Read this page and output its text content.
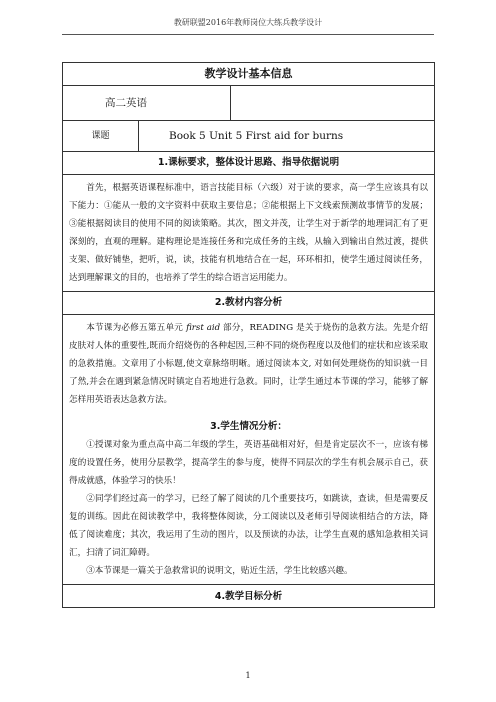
教研联盟2016年教师岗位大练兵教学设计
教学设计基本信息		
高二英语		
课题	Book 5 Unit 5 First aid for burns	
1.课标要求，整体设计思路、指导依据说明		

首先，根据英语课程标准中，语言技能目标（六级）对于读的要求，高一学生应该具有以下能力：①能从一般的文字资料中获取主要信息；②能根据上下文线索预测故事情节的发展；③能根据阅读目的使用不同的阅读策略。其次，图文并茂，让学生对于新学的地理词汇有了更深刻的，直观的理解。建构理论是连接任务和完成任务的主线，从输入到输出自然过渡，提供支架、做好铺垫，把听，说，读，技能有机地结合在一起，环环相扣，使学生通过阅读任务，达到理解课文的目的，也培养了学生的综合语言运用能力。		

2.教材内容分析		

本节课为必修五第五单元 first aid 部分，READING 是关于烧伤的急救方法。先是介绍皮肤对人体的重要性,既而介绍烧伤的各种起因,三种不同的烧伤程度以及他们的症状和应该采取的急救措施。文章用了小标题,使文章脉络明晰。通过阅读本文, 对如何处理烧伤的知识就一目了然,并会在遇到紧急情况时镇定自若地进行急救。同时，让学生通过本节课的学习，能够了解怎样用英语表达急救方法。

3.学生情况分析：

①授课对象为重点高中高二年级的学生，英语基础相对好，但是肯定层次不一，应该有梯度的设置任务，使用分层教学，提高学生的参与度，使得不同层次的学生有机会展示自己，获得成就感，体验学习的快乐！

②同学们经过高一的学习，已经了解了阅读的几个重要技巧，如跳读，查读，但是需要反复的训练。因此在阅读教学中，我将整体阅读，分工阅读以及老师引导阅读相结合的方法，降低了阅读难度；其次，我运用了生动的图片，以及预读的办法，让学生直观的感知急救相关词汇，扫清了词汇障碍。

③本节课是一篇关于急救常识的说明文，贴近生活，学生比较感兴趣。		

4.教学目标分析		
1
